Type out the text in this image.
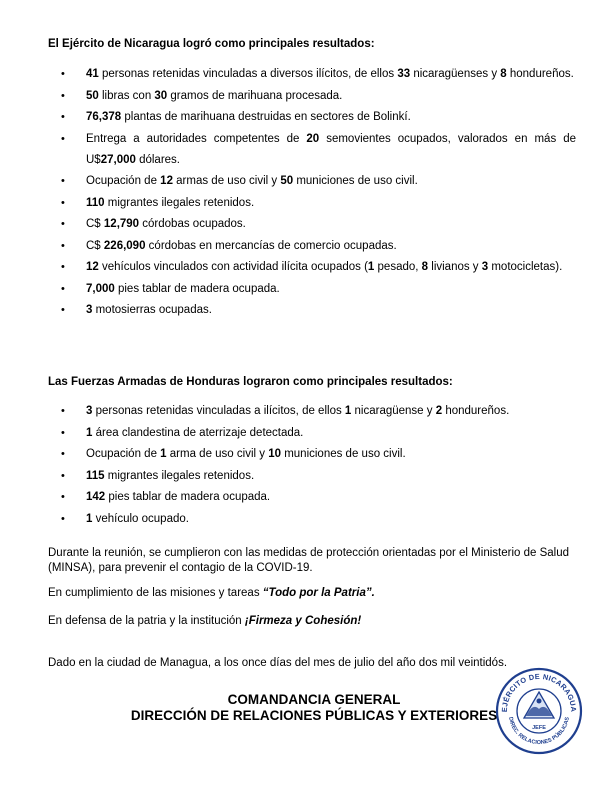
El Ejército de Nicaragua logró como principales resultados:

• 41 personas retenidas vinculadas a diversos ilícitos, de ellos 33 nicaragüenses y 8 hondureños.
• 50 libras con 30 gramos de marihuana procesada.
• 76,378 plantas de marihuana destruidas en sectores de Bolinkí.
• Entrega a autoridades competentes de 20 semovientes ocupados, valorados en más de U$27,000 dólares.
• Ocupación de 12 armas de uso civil y 50 municiones de uso civil.
• 110 migrantes ilegales retenidos.
• C$ 12,790 córdobas ocupados.
• C$ 226,090 córdobas en mercancías de comercio ocupadas.
• 12 vehículos vinculados con actividad ilícita ocupados (1 pesado, 8 livianos y 3 motocicletas).
• 7,000 pies tablar de madera ocupada.
• 3 motosierras ocupadas.

Las Fuerzas Armadas de Honduras lograron como principales resultados:

• 3 personas retenidas vinculadas a ilícitos, de ellos 1 nicaragüense y 2 hondureños.
• 1 área clandestina de aterrizaje detectada.
• Ocupación de 1 arma de uso civil y 10 municiones de uso civil.
• 115 migrantes ilegales retenidos.
• 142 pies tablar de madera ocupada.
• 1 vehículo ocupado.

Durante la reunión, se cumplieron con las medidas de protección orientadas por el Ministerio de Salud (MINSA), para prevenir el contagio de la COVID-19.

En cumplimiento de las misiones y tareas “Todo por la Patria”.

En defensa de la patria y la institución ¡Firmeza y Cohesión!

Dado en la ciudad de Managua, a los once días del mes de julio del año dos mil veintidós.

COMANDANCIA GENERAL
DIRECCIÓN DE RELACIONES PÚBLICAS Y EXTERIORES EJÉRCITO DE NICARAGUA
JEFE
DIREC. RELACIONES PÚBLICAS
